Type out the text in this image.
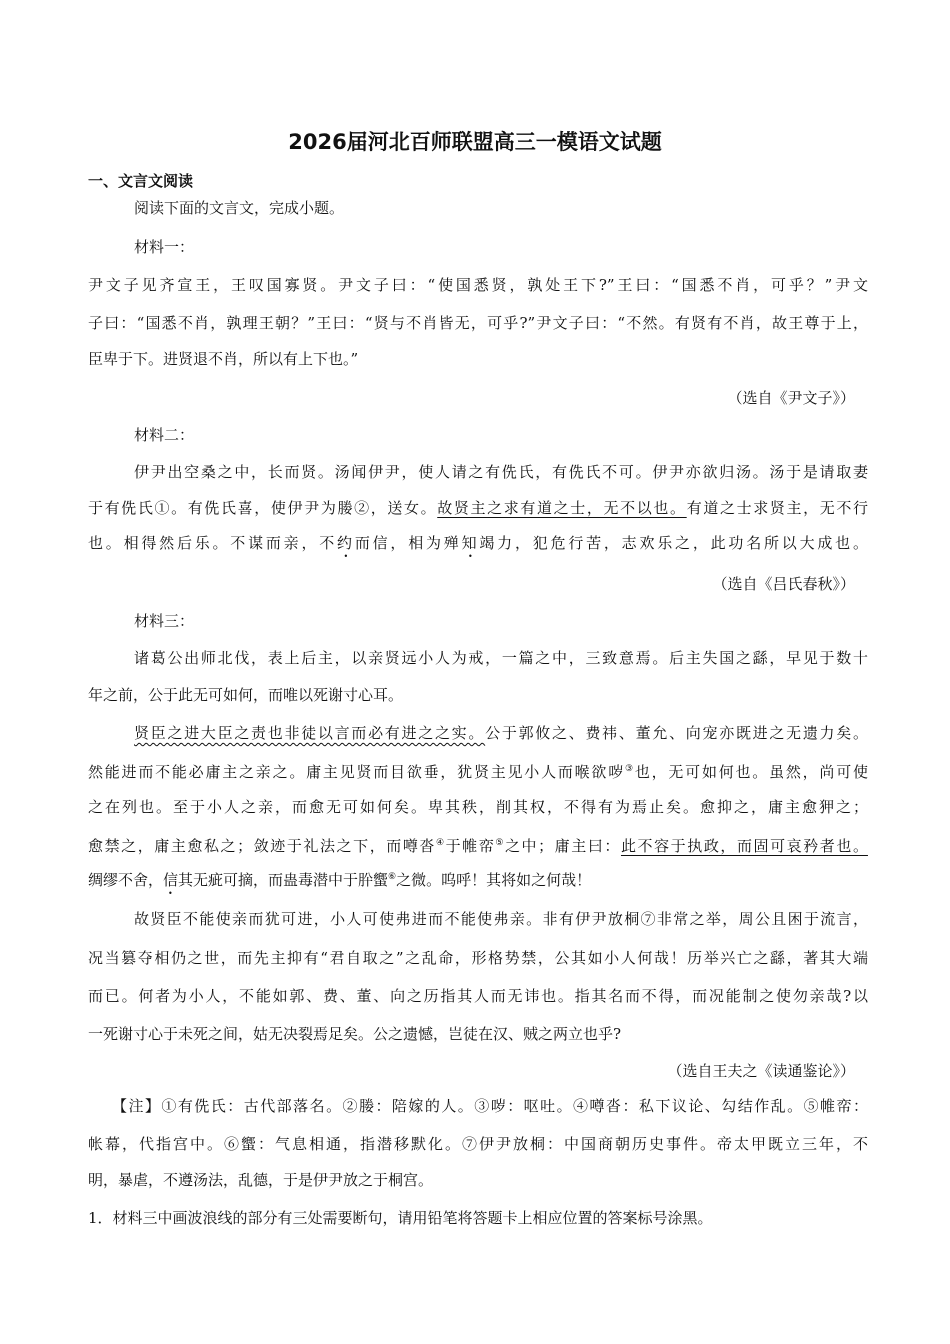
2026届河北百师联盟高三一模语文试题
一、文言文阅读
阅读下面的文言文，完成小题。
材料一：
尹文子见齐宣王，王叹国寡贤。尹文子曰：“使国悉贤，孰处王下?”王曰：“国悉不肖，可乎？”尹文
子曰：“国悉不肖，孰理王朝？”王曰：“贤与不肖皆无，可乎?”尹文子曰：“不然。有贤有不肖，故王尊于上，
臣卑于下。进贤退不肖，所以有上下也。”
（选自《尹文子》）
材料二：
伊尹出空桑之中，长而贤。汤闻伊尹，使人请之有侁氏，有侁氏不可。伊尹亦欲归汤。汤于是请取妻
于有侁氏①。有侁氏喜，使伊尹为媵②，送女。故贤主之求有道之士，无不以也。有道之士求贤主，无不行
也。相得然后乐。不谋而亲，不约而信，相为殚知竭力，犯危行苦，志欢乐之，此功名所以大成也。
（选自《吕氏春秋》）
材料三：
诸葛公出师北伐，表上后主，以亲贤远小人为戒，一篇之中，三致意焉。后主失国之繇，早见于数十
年之前，公于此无可如何，而唯以死谢寸心耳。
贤臣之进大臣之责也非徒以言而必有进之之实。公于郭攸之、费祎、董允、向宠亦既进之无遗力矣。
然能进而不能必庸主之亲之。庸主见贤而目欲垂，犹贤主见小人而喉欲哕③也，无可如何也。虽然，尚可使
之在列也。至于小人之亲，而愈无可如何矣。卑其秩，削其权，不得有为焉止矣。愈抑之，庸主愈狎之；
愈禁之，庸主愈私之；敛迹于礼法之下，而噂沓④于帷帟⑤之中；庸主曰：此不容于执政，而固可哀矜者也。
绸缪不舍，信其无疵可摘，而蛊毒潜中于肸蠁⑥之微。呜呼！其将如之何哉！
故贤臣不能使亲而犹可进，小人可使弗进而不能使弗亲。非有伊尹放桐⑦非常之举，周公且困于流言，
况当篡夺相仍之世，而先主抑有“君自取之”之乱命，形格势禁，公其如小人何哉！历举兴亡之繇，著其大端
而已。何者为小人，不能如郭、费、董、向之历指其人而无讳也。指其名而不得，而况能制之使勿亲哉?以
一死谢寸心于未死之间，姑无决裂焉足矣。公之遗憾，岂徒在汉、贼之两立也乎?
（选自王夫之《读通鉴论》）
【注】①有侁氏：古代部落名。②媵：陪嫁的人。③哕：呕吐。④噂沓：私下议论、勾结作乱。⑤帷帟：
帐幕，代指宫中。⑥蠁：气息相通，指潜移默化。⑦伊尹放桐：中国商朝历史事件。帝太甲既立三年，不
明，暴虐，不遵汤法，乱德，于是伊尹放之于桐宫。
1．材料三中画波浪线的部分有三处需要断句，请用铅笔将答题卡上相应位置的答案标号涂黑。
